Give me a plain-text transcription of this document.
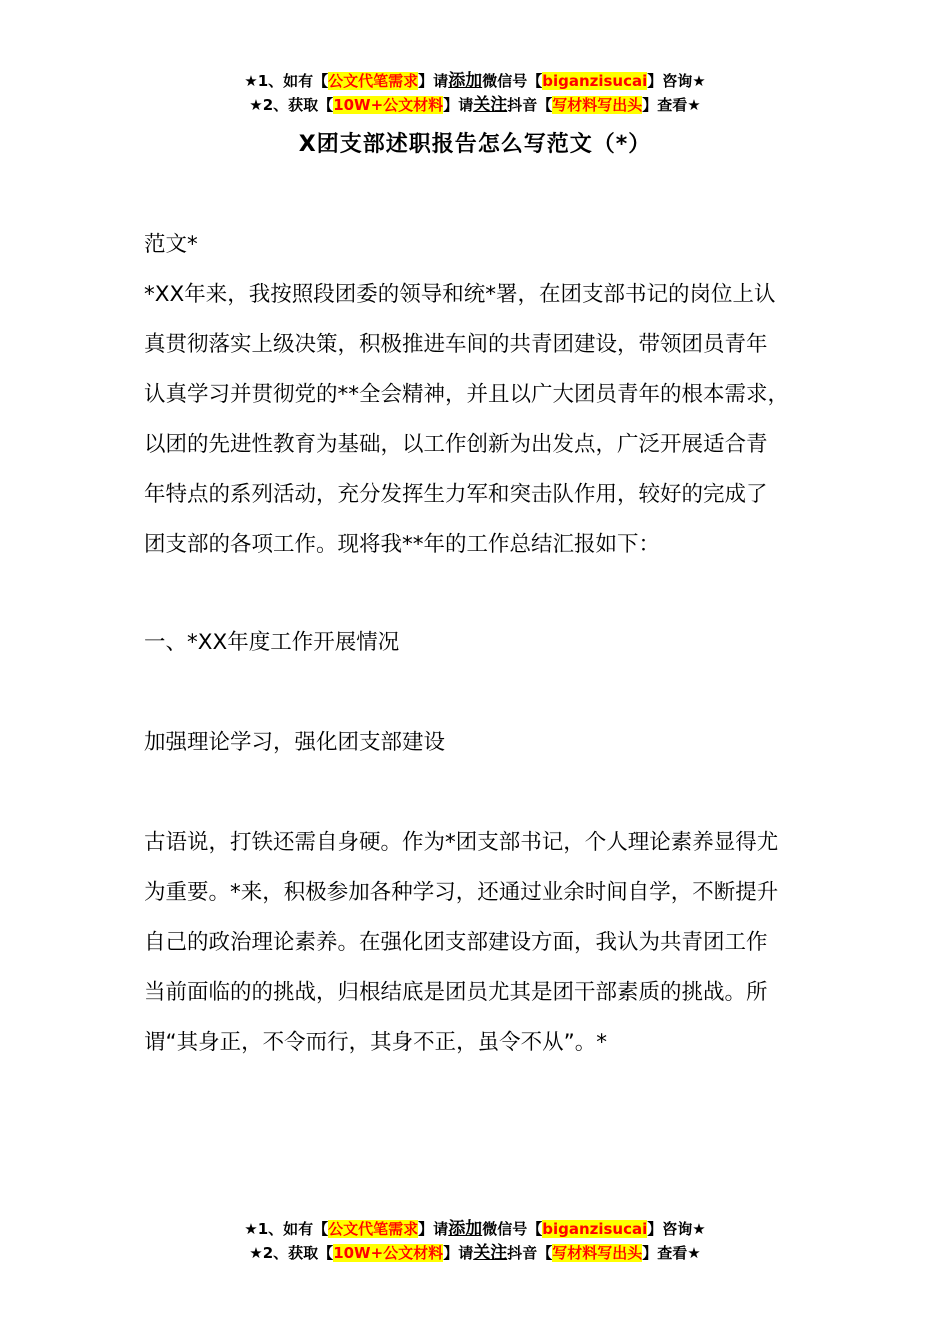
★1、如有【公文代笔需求】请添加微信号【biganzisucai】咨询★
★2、获取【10W+公文材料】请关注抖音【写材料写出头】查看★
X团支部述职报告怎么写范文（*）

范文*

*XX年来，我按照段团委的领导和统*署，在团支部书记的岗位上认
真贯彻落实上级决策，积极推进车间的共青团建设，带领团员青年
认真学习并贯彻党的**全会精神，并且以广大团员青年的根本需求，
以团的先进性教育为基础，以工作创新为出发点，广泛开展适合青
年特点的系列活动，充分发挥生力军和突击队作用，较好的完成了
团支部的各项工作。现将我**年的工作总结汇报如下：

一、*XX年度工作开展情况

加强理论学习，强化团支部建设

古语说，打铁还需自身硬。作为*团支部书记，个人理论素养显得尤
为重要。*来，积极参加各种学习，还通过业余时间自学，不断提升
自己的政治理论素养。在强化团支部建设方面，我认为共青团工作
当前面临的的挑战，归根结底是团员尤其是团干部素质的挑战。所
谓“其身正，不令而行，其身不正，虽令不从”。*

★1、如有【公文代笔需求】请添加微信号【biganzisucai】咨询★
★2、获取【10W+公文材料】请关注抖音【写材料写出头】查看★
